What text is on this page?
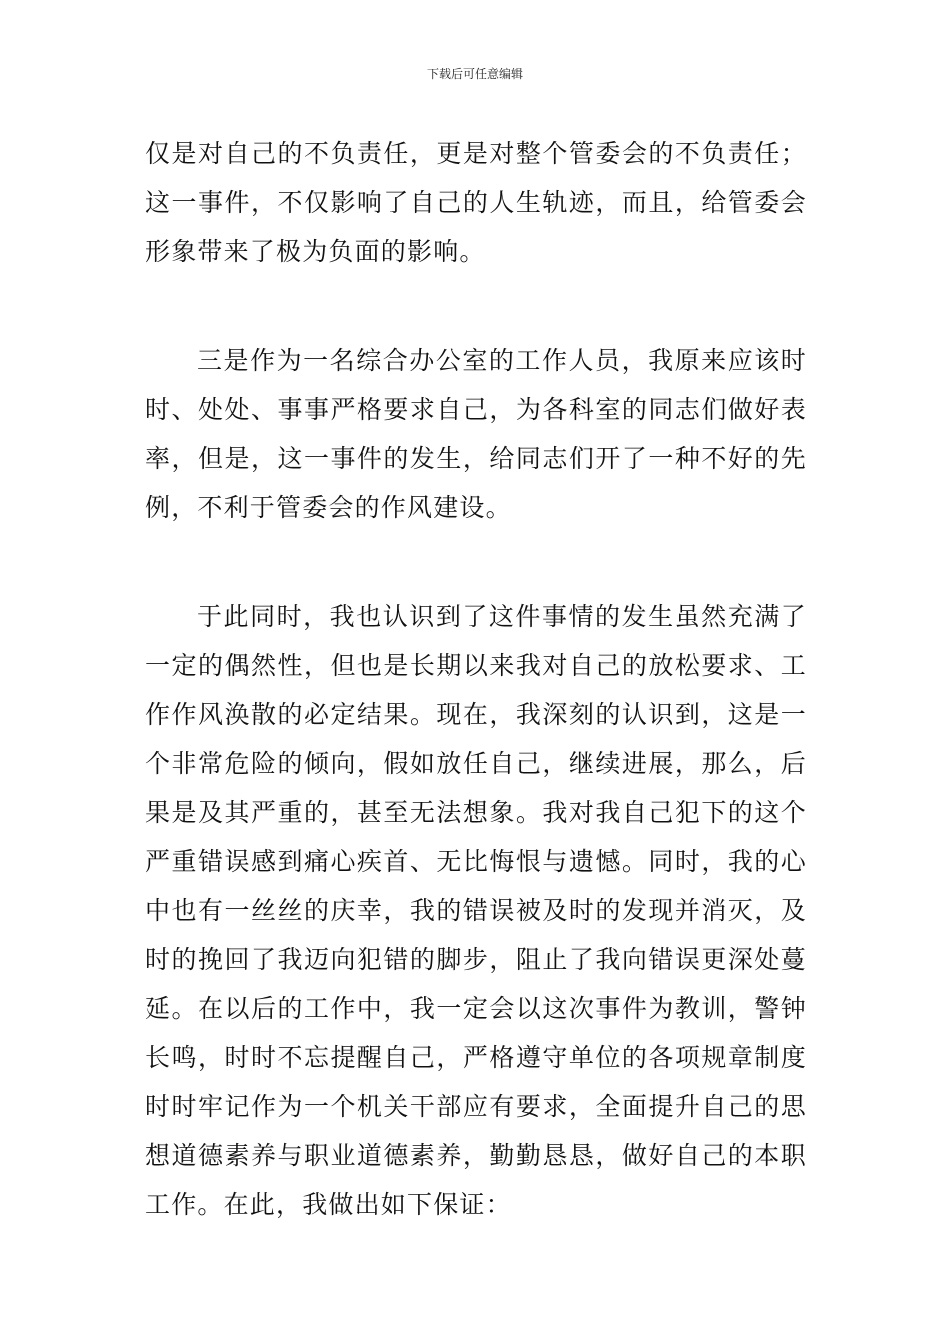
下载后可任意编辑
仅是对自己的不负责任，更是对整个管委会的不负责任；
这一事件，不仅影响了自己的人生轨迹，而且，给管委会
形象带来了极为负面的影响。
三是作为一名综合办公室的工作人员，我原来应该时
时、处处、事事严格要求自己，为各科室的同志们做好表
率，但是，这一事件的发生，给同志们开了一种不好的先
例，不利于管委会的作风建设。
于此同时，我也认识到了这件事情的发生虽然充满了
一定的偶然性，但也是长期以来我对自己的放松要求、工
作作风涣散的必定结果。现在，我深刻的认识到，这是一
个非常危险的倾向，假如放任自己，继续进展，那么，后
果是及其严重的，甚至无法想象。我对我自己犯下的这个
严重错误感到痛心疾首、无比悔恨与遗憾。同时，我的心
中也有一丝丝的庆幸，我的错误被及时的发现并消灭，及
时的挽回了我迈向犯错的脚步，阻止了我向错误更深处蔓
延。在以后的工作中，我一定会以这次事件为教训，警钟
长鸣，时时不忘提醒自己，严格遵守单位的各项规章制度
时时牢记作为一个机关干部应有要求，全面提升自己的思
想道德素养与职业道德素养，勤勤恳恳，做好自己的本职
工作。在此，我做出如下保证：
